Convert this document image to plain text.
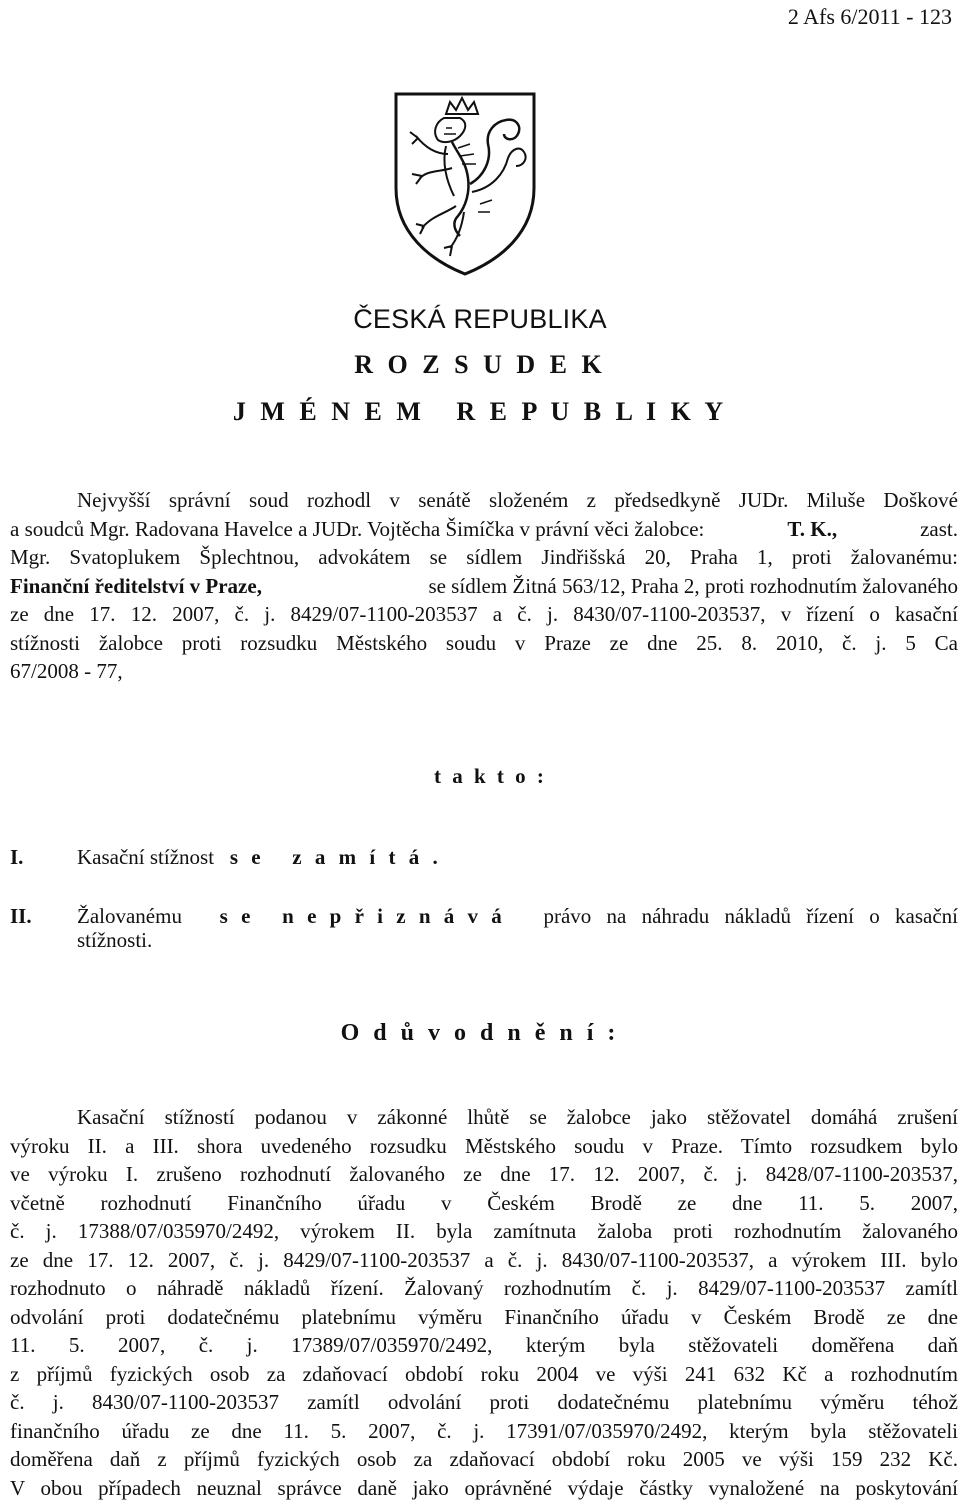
2 Afs 6/2011 - 123
ČESKÁ REPUBLIKA
R O Z S U D E K
J M É N E M   R E P U B L I K Y
Nejvyšší správní soud rozhodl v senátě složeném z předsedkyně JUDr. Miluše Doškové
a soudců Mgr. Radovana Havelce a JUDr. Vojtěcha Šimíčka v právní věci žalobce:	T. K.,	zast.
Mgr. Svatoplukem Šplechtnou, advokátem se sídlem Jindřišská 20, Praha 1, proti žalovanému:
Finanční ředitelství v Praze,	se sídlem Žitná 563/12, Praha 2, proti rozhodnutím žalovaného
ze dne 17. 12. 2007, č. j. 8429/07-1100-203537 a č. j. 8430/07-1100-203537, v řízení o kasační
stížnosti žalobce proti rozsudku Městského soudu v Praze ze dne 25. 8. 2010, č. j. 5 Ca
67/2008 - 77,
t a k t o :
I.	Kasační stížnost s e   z a m í t á .
II. Žalovanému s e   n e p ř i z n á v á právo na náhradu nákladů řízení o kasační
stížnosti.
O d ů v o d n ě n í :
Kasační stížností podanou v zákonné lhůtě se žalobce jako stěžovatel domáhá zrušení
výroku II. a III. shora uvedeného rozsudku Městského soudu v Praze. Tímto rozsudkem bylo
ve výroku I. zrušeno rozhodnutí žalovaného ze dne 17. 12. 2007, č. j. 8428/07-1100-203537,
včetně rozhodnutí Finančního úřadu v Českém Brodě ze dne 11. 5. 2007,
č. j. 17388/07/035970/2492, výrokem II. byla zamítnuta žaloba proti rozhodnutím žalovaného
ze dne 17. 12. 2007, č. j. 8429/07-1100-203537 a č. j. 8430/07-1100-203537, a výrokem III. bylo
rozhodnuto o náhradě nákladů řízení. Žalovaný rozhodnutím č. j. 8429/07-1100-203537 zamítl
odvolání proti dodatečnému platebnímu výměru Finančního úřadu v Českém Brodě ze dne
11. 5. 2007, č. j. 17389/07/035970/2492, kterým byla stěžovateli doměřena daň
z příjmů fyzických osob za zdaňovací období roku 2004 ve výši 241 632 Kč a rozhodnutím
č. j. 8430/07-1100-203537 zamítl odvolání proti dodatečnému platebnímu výměru téhož
finančního úřadu ze dne 11. 5. 2007, č. j. 17391/07/035970/2492, kterým byla stěžovateli
doměřena daň z příjmů fyzických osob za zdaňovací období roku 2005 ve výši 159 232 Kč.
V obou případech neuznal správce daně jako oprávněné výdaje částky vynaložené na poskytování
